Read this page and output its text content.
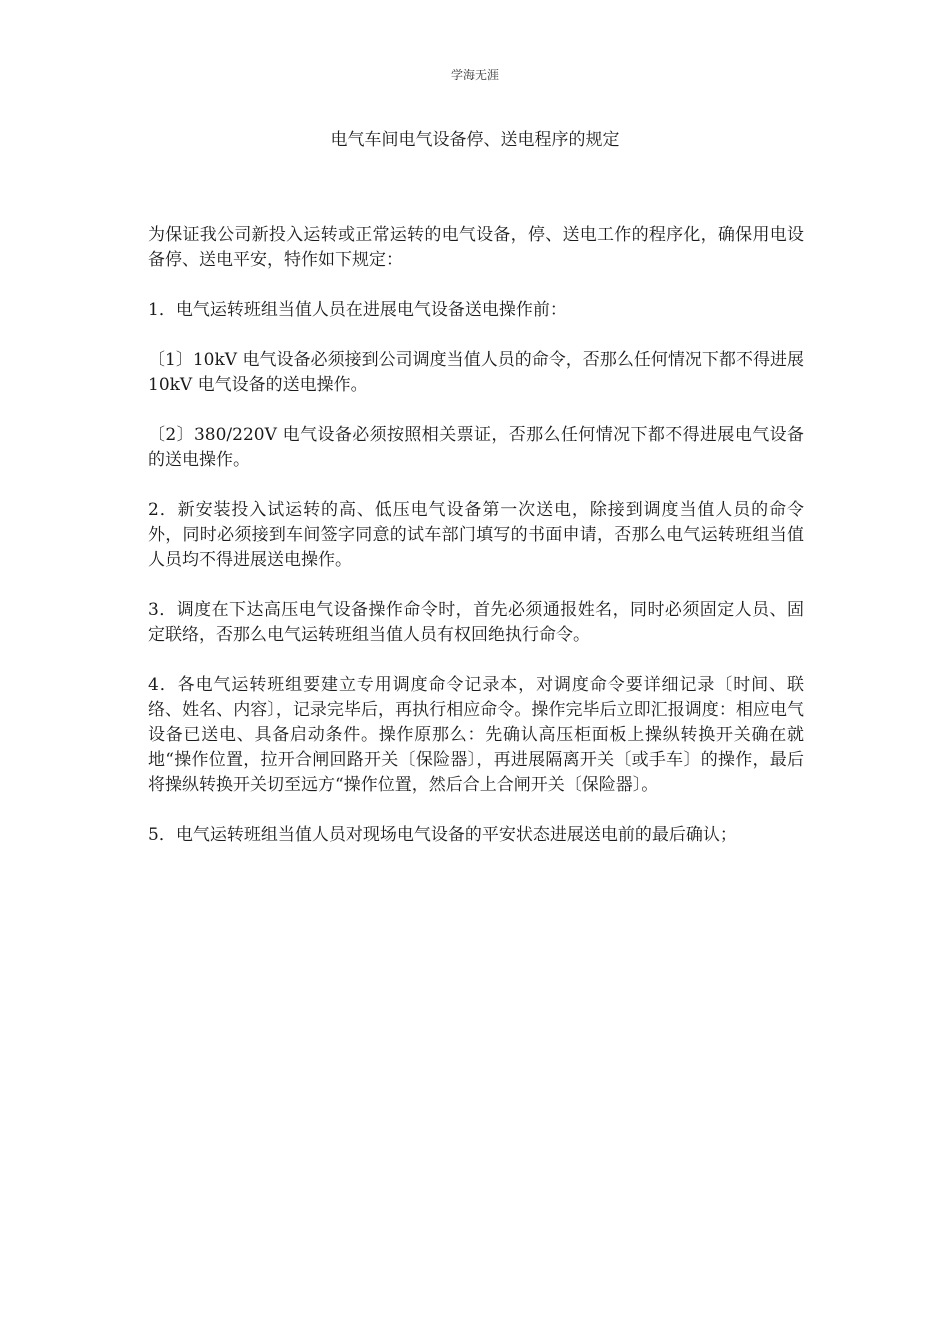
学海无涯
电气车间电气设备停、送电程序的规定

为保证我公司新投入运转或正常运转的电气设备，停、送电工作的程序化，确保用电设备停、送电平安，特作如下规定：

1．电气运转班组当值人员在进展电气设备送电操作前：

〔1〕10kV 电气设备必须接到公司调度当值人员的命令，否那么任何情况下都不得进展 10kV 电气设备的送电操作。

〔2〕380/220V 电气设备必须按照相关票证，否那么任何情况下都不得进展电气设备的送电操作。

2．新安装投入试运转的高、低压电气设备第一次送电，除接到调度当值人员的命令外，同时必须接到车间签字同意的试车部门填写的书面申请，否那么电气运转班组当值人员均不得进展送电操作。

3．调度在下达高压电气设备操作命令时，首先必须通报姓名，同时必须固定人员、固定联络，否那么电气运转班组当值人员有权回绝执行命令。

4．各电气运转班组要建立专用调度命令记录本，对调度命令要详细记录〔时间、联络、姓名、内容〕，记录完毕后，再执行相应命令。操作完毕后立即汇报调度：相应电气设备已送电、具备启动条件。操作原那么：先确认高压柜面板上操纵转换开关确在就地“操作位置，拉开合闸回路开关〔保险器〕，再进展隔离开关〔或手车〕的操作，最后将操纵转换开关切至远方“操作位置，然后合上合闸开关〔保险器〕。

5．电气运转班组当值人员对现场电气设备的平安状态进展送电前的最后确认；
